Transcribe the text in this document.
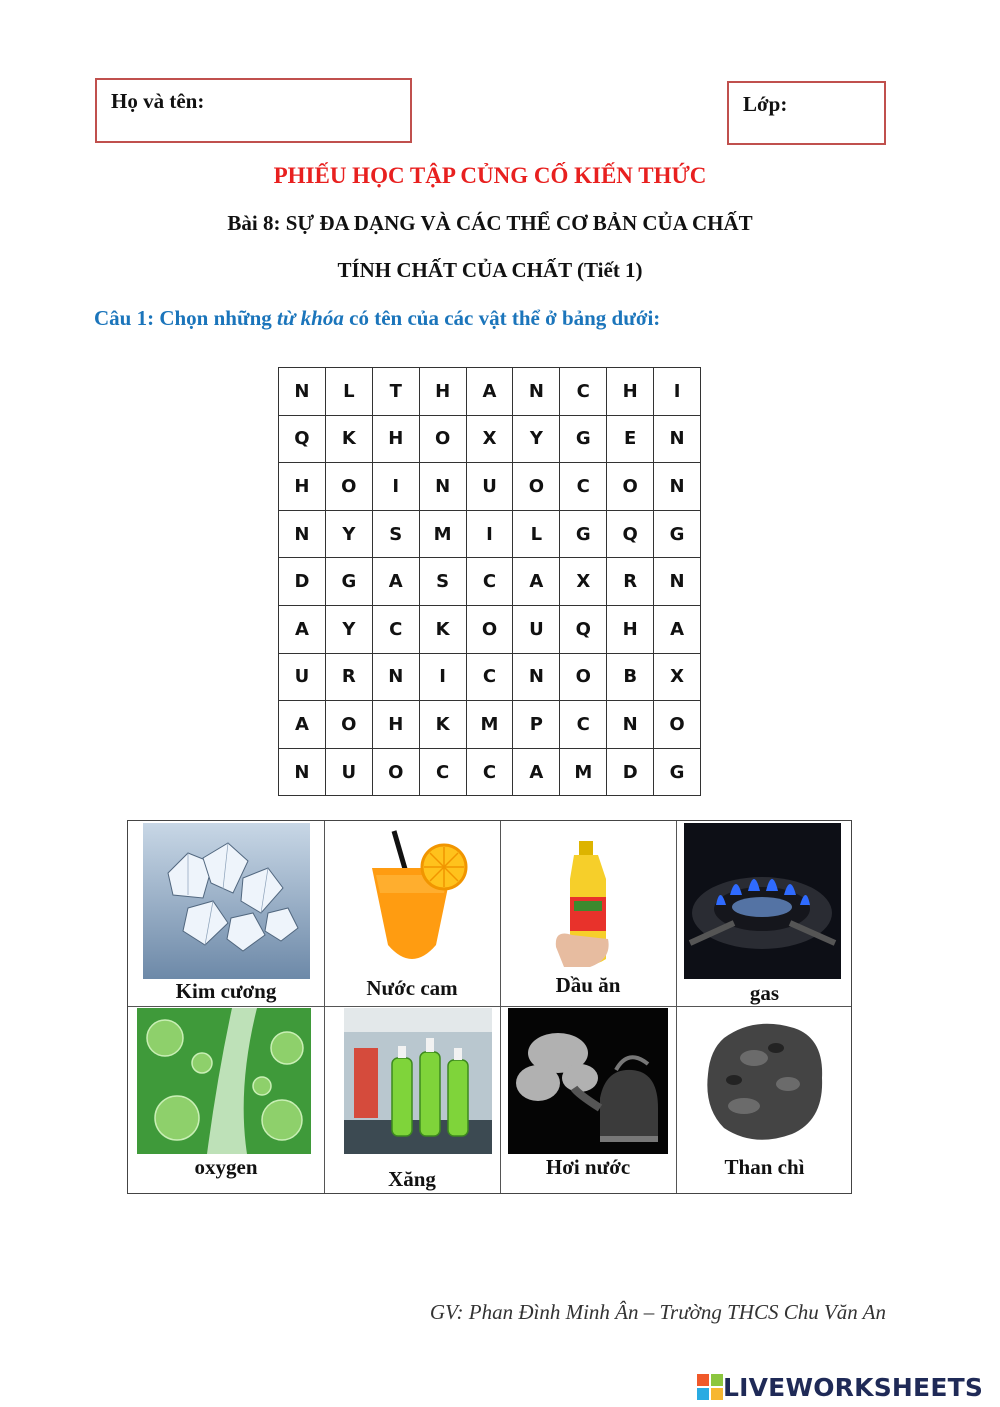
Họ và tên:	Lớp:
PHIẾU HỌC TẬP CỦNG CỐ KIẾN THỨC
Bài 8: SỰ ĐA DẠNG VÀ CÁC THỂ CƠ BẢN CỦA CHẤT
TÍNH CHẤT CỦA CHẤT (Tiết 1)
Câu 1: Chọn những từ khóa có tên của các vật thể ở bảng dưới:
N	L	T	H	A	N	C	H	I
Q	K	H	O	X	Y	G	E	N
H	O	I	N	U	O	C	O	N
N	Y	S	M	I	L	G	Q	G
D	G	A	S	C	A	X	R	N
A	Y	C	K	O	U	Q	H	A
U	R	N	I	C	N	O	B	X
A	O	H	K	M	P	C	N	O
N	U	O	C	C	A	M	D	G
Kim cương	Nước cam	Dầu ăn	gas
oxygen	Xăng	Hơi nước	Than chì
GV: Phan Đình Minh Ân – Trường THCS Chu Văn An
LIVEWORKSHEETS
